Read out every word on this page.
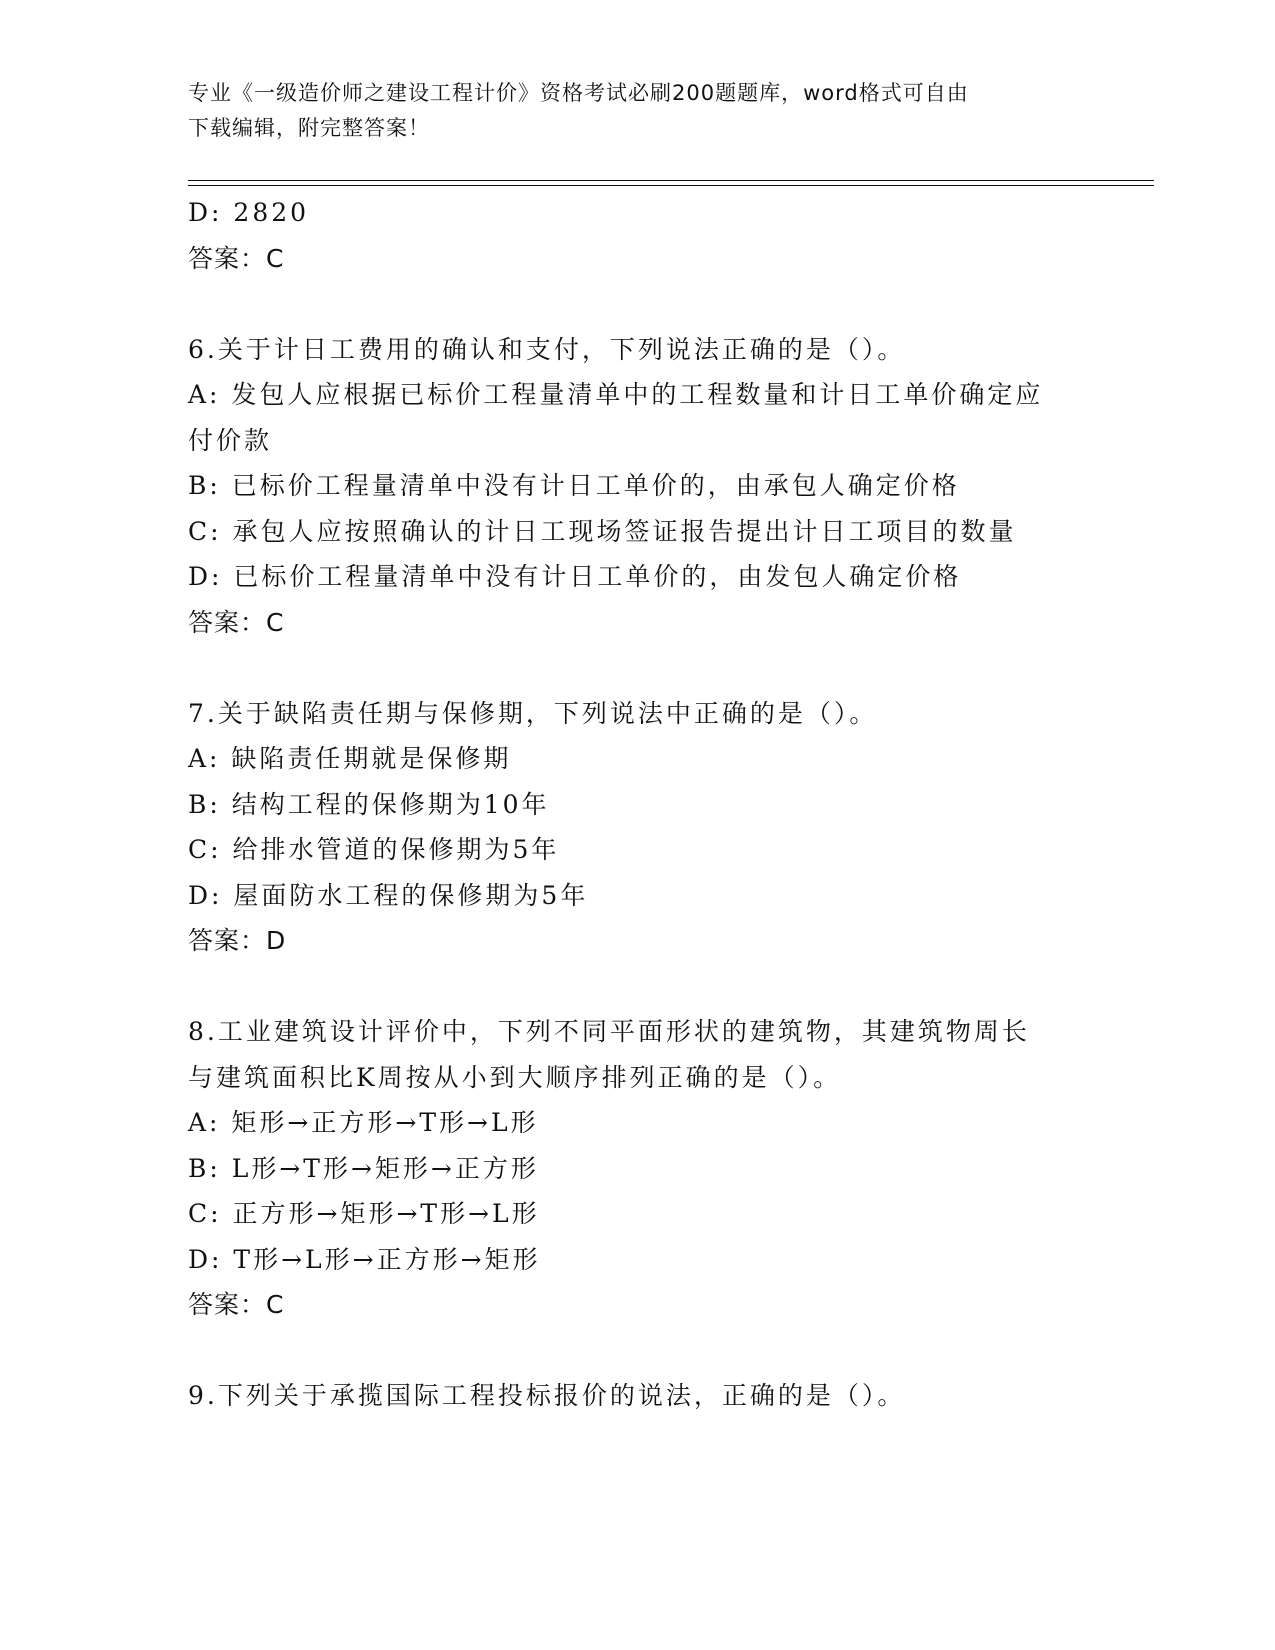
专业《一级造价师之建设工程计价》资格考试必刷200题题库，word格式可自由
下载编辑，附完整答案！
D: 2820
答案：C
6.关于计日工费用的确认和支付，下列说法正确的是（）。
A: 发包人应根据已标价工程量清单中的工程数量和计日工单价确定应
付价款
B: 已标价工程量清单中没有计日工单价的，由承包人确定价格
C: 承包人应按照确认的计日工现场签证报告提出计日工项目的数量
D: 已标价工程量清单中没有计日工单价的，由发包人确定价格
答案：C
7.关于缺陷责任期与保修期，下列说法中正确的是（）。
A: 缺陷责任期就是保修期
B: 结构工程的保修期为10年
C: 给排水管道的保修期为5年
D: 屋面防水工程的保修期为5年
答案：D
8.工业建筑设计评价中，下列不同平面形状的建筑物，其建筑物周长
与建筑面积比K周按从小到大顺序排列正确的是（）。
A: 矩形→正方形→T形→L形
B: L形→T形→矩形→正方形
C: 正方形→矩形→T形→L形
D: T形→L形→正方形→矩形
答案：C
9.下列关于承揽国际工程投标报价的说法，正确的是（）。
